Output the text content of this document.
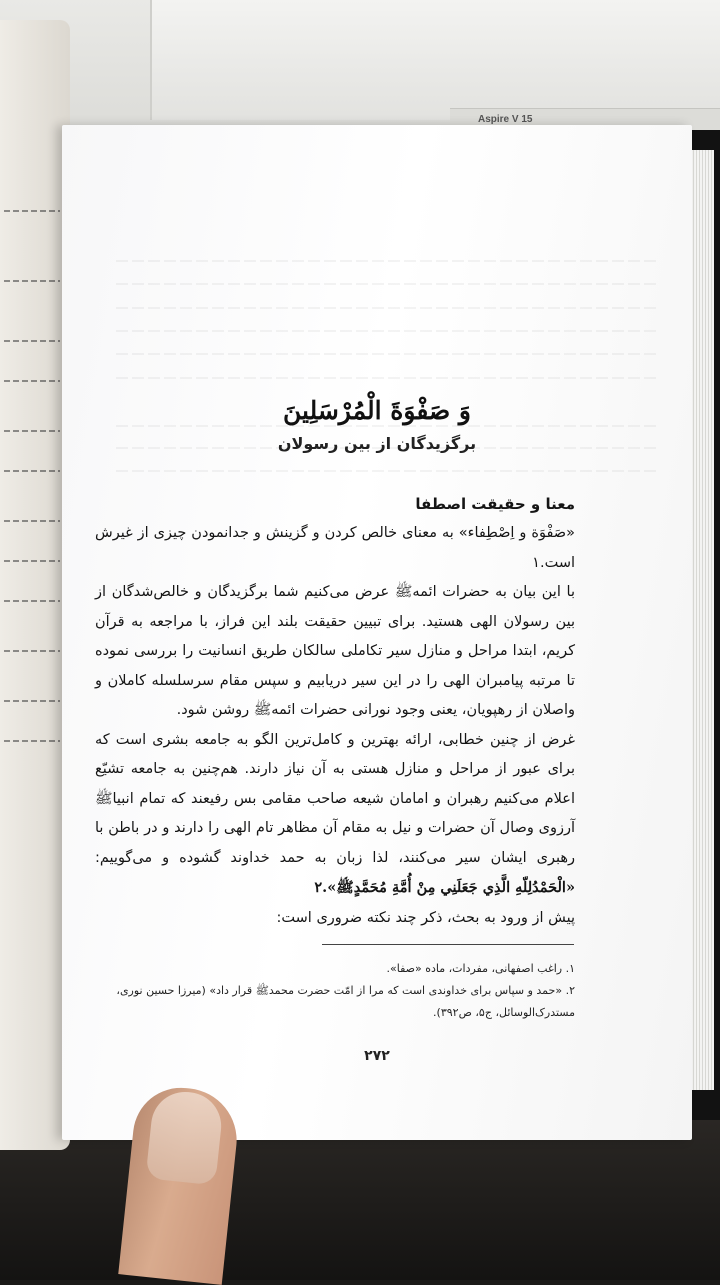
Aspire V 15
وَ صَفْوَةَ الْمُرْسَلِينَ
برگزیدگان از بین رسولان
معنا و حقیقت اصطفا

«صَفْوَة و اِصْطِفاء» به معنای خالص کردن و گزینش و جدانمودن چیزی از غیرش است.۱

با این بیان به حضرات ائمهﷺ عرض می‌کنیم شما برگزیدگان و خالص‌شدگان از بین رسولان الهی هستید. برای تبیین حقیقت بلند این فراز، با مراجعه به قرآن کریم، ابتدا مراحل و منازل سیر تکاملی سالکان طریق انسانیت را بررسی نموده تا مرتبه پیامبران الهی را در این سیر دریابیم و سپس مقام سرسلسله کاملان و واصلان از رهپویان، یعنی وجود نورانی حضرات ائمهﷺ روشن شود.

غرض از چنین خطابی، ارائه بهترین و کامل‌ترین الگو به جامعه بشری است که برای عبور از مراحل و منازل هستی به آن نیاز دارند. هم‌چنین به جامعه تشیّع اعلام می‌کنیم رهبران و امامان شیعه صاحب مقامی بس رفیعند که تمام انبیاﷺ آرزوی وصال آن حضرات و نیل به مقام آن مظاهر تام الهی را دارند و در باطن با رهبری ایشان سیر می‌کنند، لذا زبان به حمد خداوند گشوده و می‌گوییم: «الْحَمْدُلِلّهِ الَّذِي جَعَلَنِي مِنْ أُمَّةِ مُحَمَّدٍﷺ».۲

پیش از ورود به بحث، ذکر چند نکته ضروری است:

۱. راغب اصفهانی، مفردات، ماده «صفا».
۲. «حمد و سپاس برای خداوندی است که مرا از امّت حضرت محمدﷺ قرار داد» (میرزا حسین نوری، مستدرک‌الوسائل، ج۵، ص۳۹۲).
۲۷۲
